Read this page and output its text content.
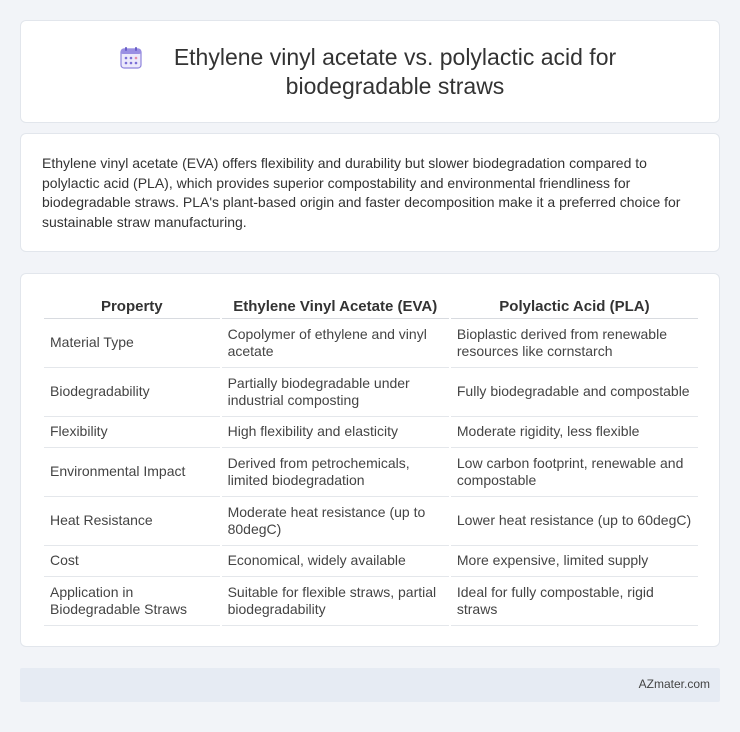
Ethylene vinyl acetate vs. polylactic acid for biodegradable straws

Ethylene vinyl acetate (EVA) offers flexibility and durability but slower biodegradation compared to polylactic acid (PLA), which provides superior compostability and environmental friendliness for biodegradable straws. PLA's plant-based origin and faster decomposition make it a preferred choice for sustainable straw manufacturing.

Property	Ethylene Vinyl Acetate (EVA)	Polylactic Acid (PLA)
Material Type	Copolymer of ethylene and vinyl acetate	Bioplastic derived from renewable resources like cornstarch
Biodegradability	Partially biodegradable under industrial composting	Fully biodegradable and compostable
Flexibility	High flexibility and elasticity	Moderate rigidity, less flexible
Environmental Impact	Derived from petrochemicals, limited biodegradation	Low carbon footprint, renewable and compostable
Heat Resistance	Moderate heat resistance (up to 80degC)	Lower heat resistance (up to 60degC)
Cost	Economical, widely available	More expensive, limited supply
Application in Biodegradable Straws	Suitable for flexible straws, partial biodegradability	Ideal for fully compostable, rigid straws
AZmater.com
